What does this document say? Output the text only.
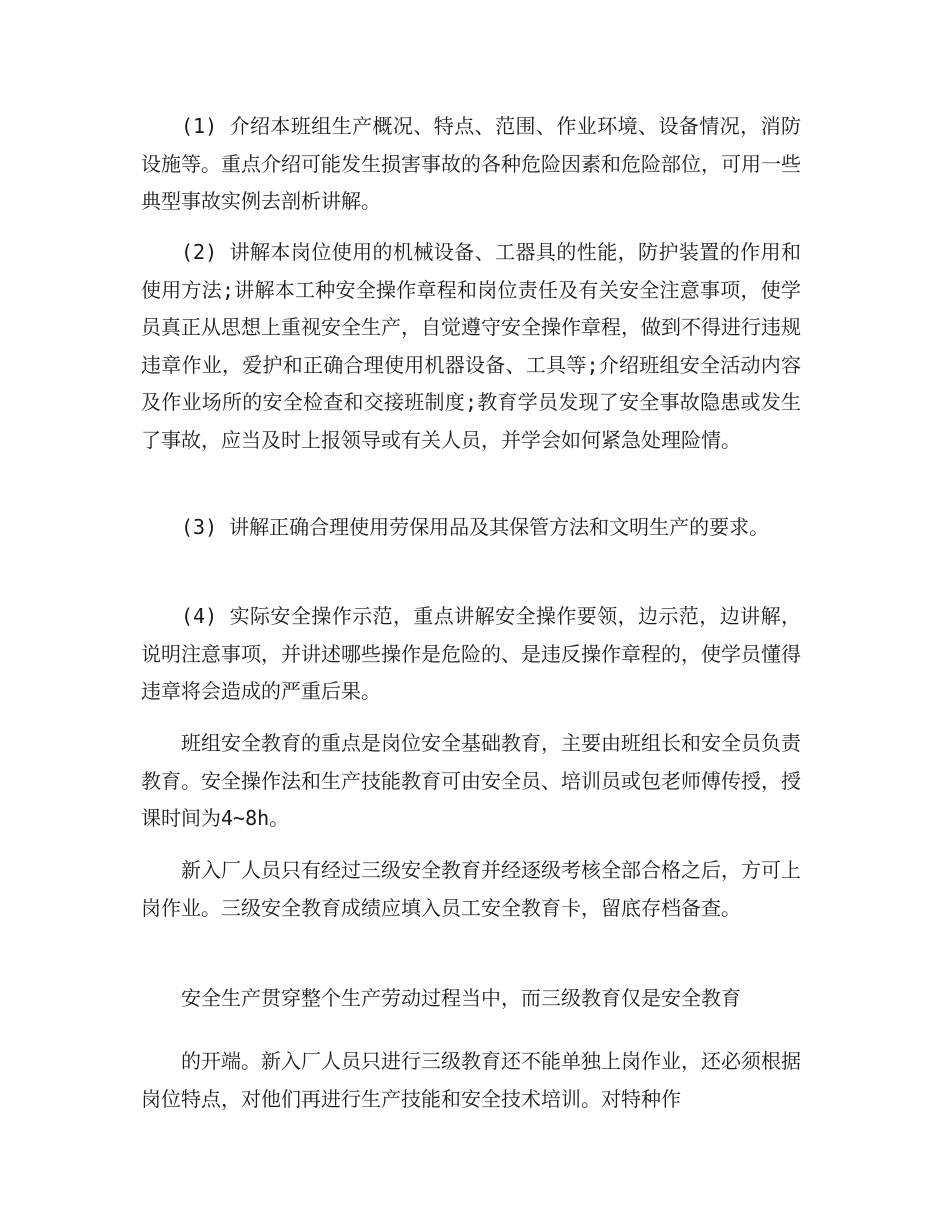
(1) 介绍本班组生产概况、特点、范围、作业环境、设备情况，消防设施等。重点介绍可能发生损害事故的各种危险因素和危险部位，可用一些典型事故实例去剖析讲解。

(2) 讲解本岗位使用的机械设备、工器具的性能，防护装置的作用和使用方法;讲解本工种安全操作章程和岗位责任及有关安全注意事项，使学员真正从思想上重视安全生产，自觉遵守安全操作章程，做到不得进行违规违章作业，爱护和正确合理使用机器设备、工具等;介绍班组安全活动内容及作业场所的安全检查和交接班制度;教育学员发现了安全事故隐患或发生了事故，应当及时上报领导或有关人员，并学会如何紧急处理险情。

(3) 讲解正确合理使用劳保用品及其保管方法和文明生产的要求。

(4) 实际安全操作示范，重点讲解安全操作要领，边示范，边讲解，说明注意事项，并讲述哪些操作是危险的、是违反操作章程的，使学员懂得违章将会造成的严重后果。

班组安全教育的重点是岗位安全基础教育，主要由班组长和安全员负责教育。安全操作法和生产技能教育可由安全员、培训员或包老师傅传授，授课时间为4~8h。

新入厂人员只有经过三级安全教育并经逐级考核全部合格之后，方可上岗作业。三级安全教育成绩应填入员工安全教育卡，留底存档备查。

安全生产贯穿整个生产劳动过程当中，而三级教育仅是安全教育

的开端。新入厂人员只进行三级教育还不能单独上岗作业，还必须根据岗位特点，对他们再进行生产技能和安全技术培训。对特种作
